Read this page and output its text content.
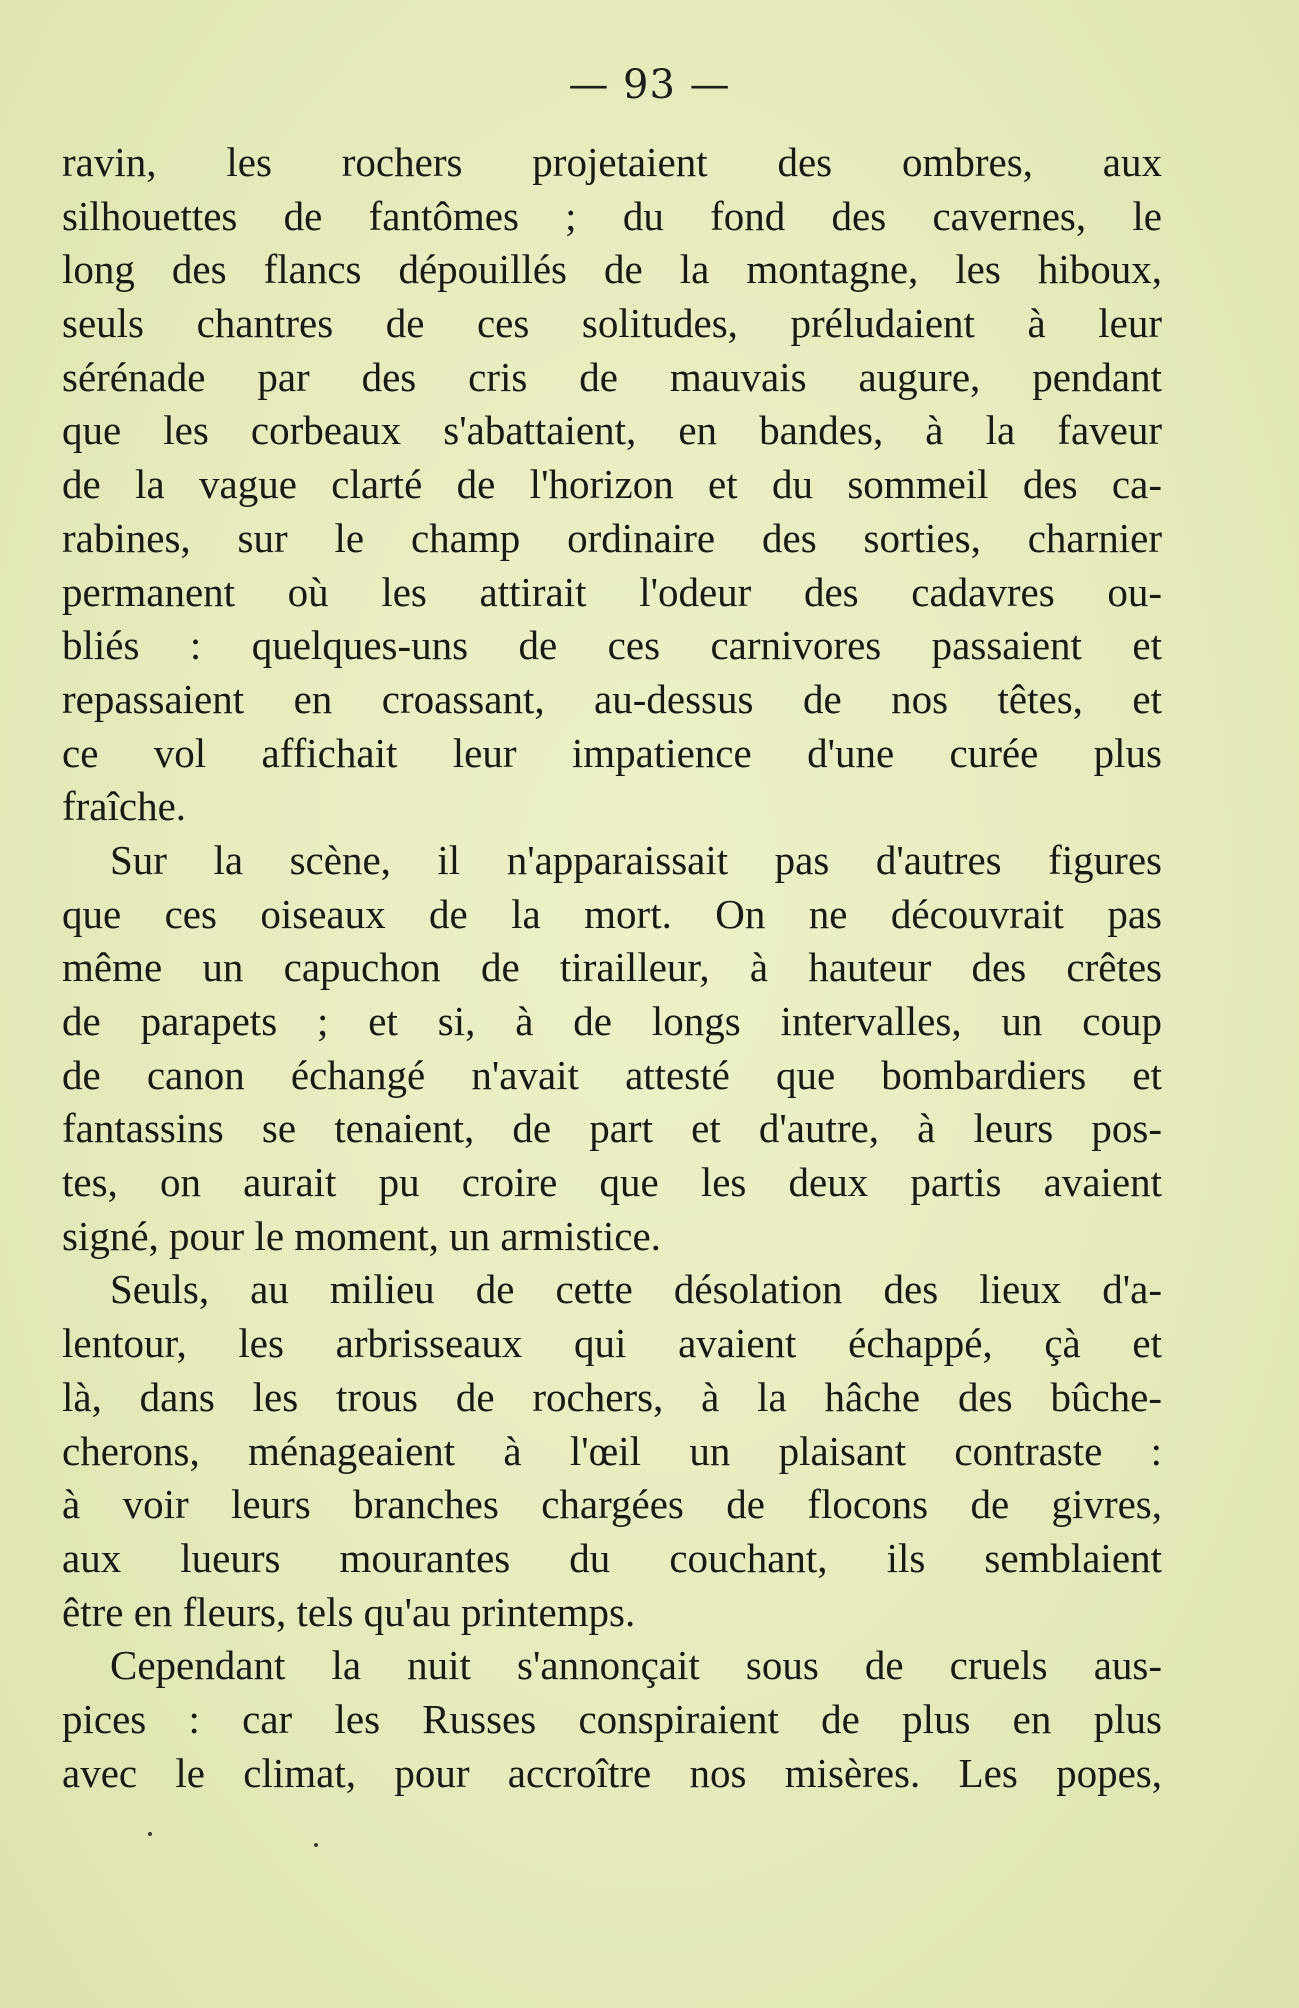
— 93 —
ravin, les rochers projetaient des ombres, aux
silhouettes de fantômes ; du fond des cavernes, le
long des flancs dépouillés de la montagne, les hiboux,
seuls chantres de ces solitudes, préludaient à leur
sérénade par des cris de mauvais augure, pendant
que les corbeaux s'abattaient, en bandes, à la faveur
de la vague clarté de l'horizon et du sommeil des ca-
rabines, sur le champ ordinaire des sorties, charnier
permanent où les attirait l'odeur des cadavres ou-
bliés : quelques-uns de ces carnivores passaient et
repassaient en croassant, au-dessus de nos têtes, et
ce vol affichait leur impatience d'une curée plus
fraîche.
Sur la scène, il n'apparaissait pas d'autres figures
que ces oiseaux de la mort. On ne découvrait pas
même un capuchon de tirailleur, à hauteur des crêtes
de parapets ; et si, à de longs intervalles, un coup
de canon échangé n'avait attesté que bombardiers et
fantassins se tenaient, de part et d'autre, à leurs pos-
tes, on aurait pu croire que les deux partis avaient
signé, pour le moment, un armistice.
Seuls, au milieu de cette désolation des lieux d'a-
lentour, les arbrisseaux qui avaient échappé, çà et
là, dans les trous de rochers, à la hâche des bûche-
cherons, ménageaient à l'œil un plaisant contraste :
à voir leurs branches chargées de flocons de givres,
aux lueurs mourantes du couchant, ils semblaient
être en fleurs, tels qu'au printemps.
Cependant la nuit s'annonçait sous de cruels aus-
pices : car les Russes conspiraient de plus en plus
avec le climat, pour accroître nos misères. Les popes,
